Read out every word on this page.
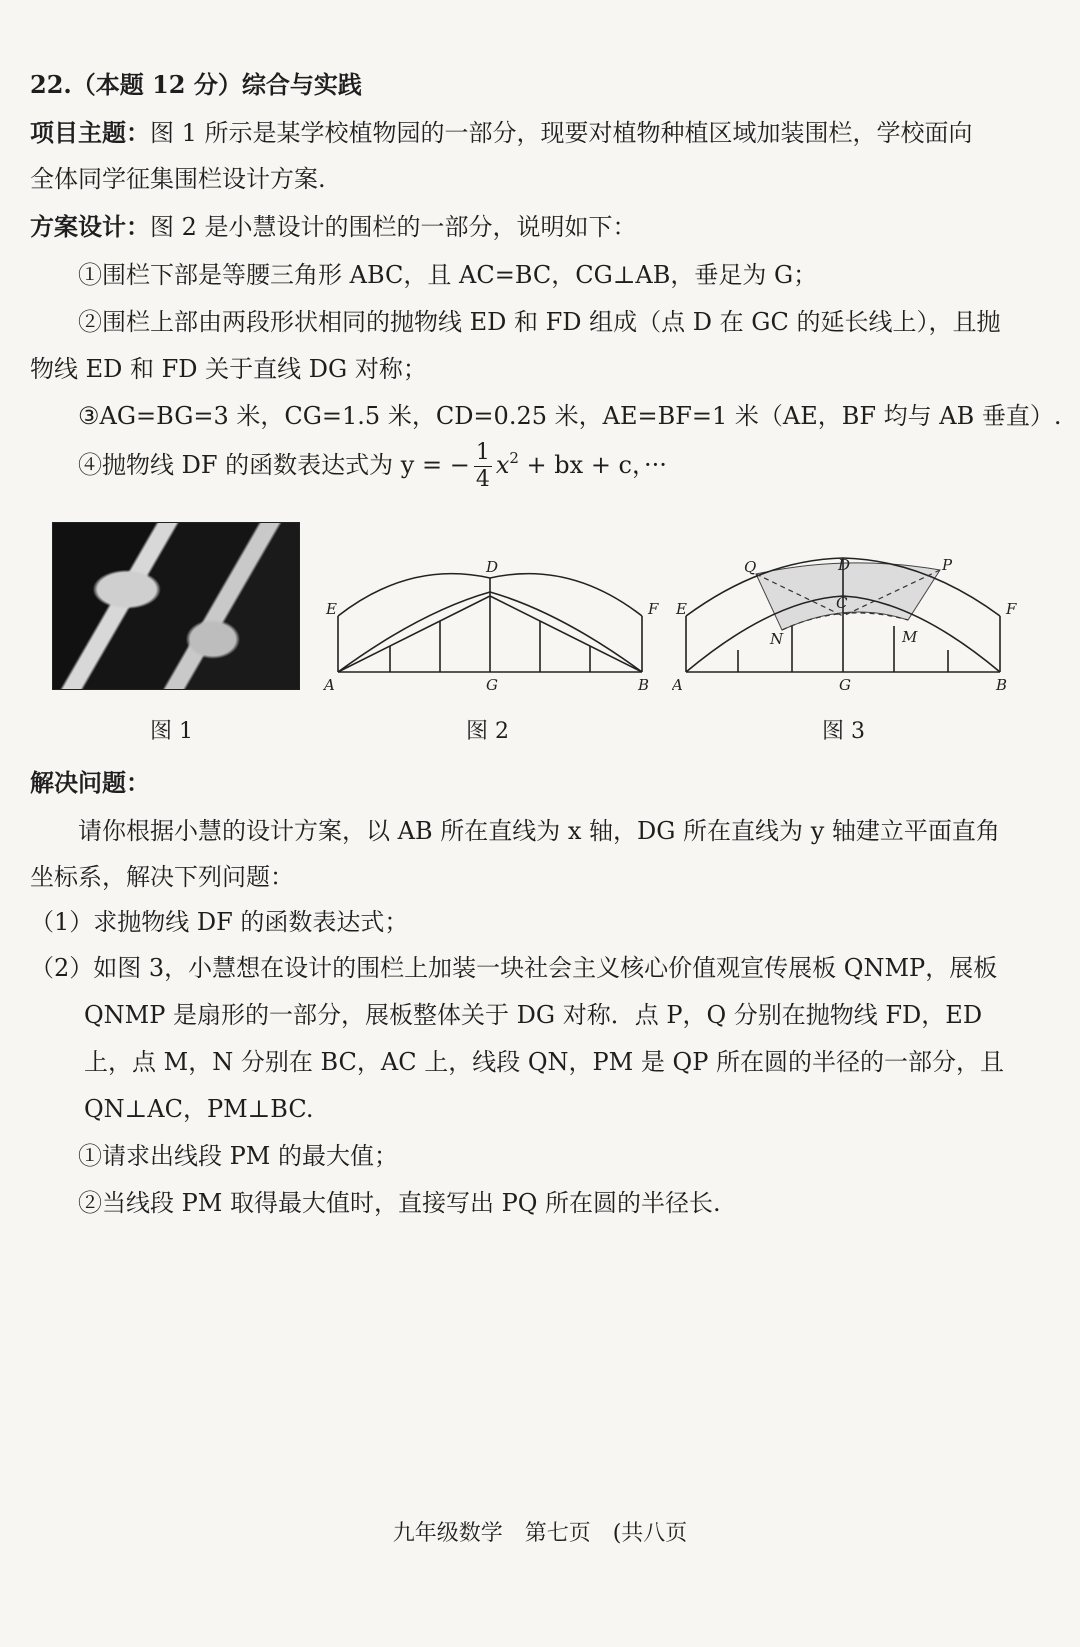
22.（本题 12 分）综合与实践
项目主题：图 1 所示是某学校植物园的一部分，现要对植物种植区域加装围栏，学校面向
全体同学征集围栏设计方案.
方案设计：图 2 是小慧设计的围栏的一部分，说明如下：
①围栏下部是等腰三角形 ABC，且 AC=BC，CG⊥AB，垂足为 G；
②围栏上部由两段形状相同的抛物线 ED 和 FD 组成（点 D 在 GC 的延长线上），且抛
物线 ED 和 FD 关于直线 DG 对称；
③AG=BG=3 米，CG=1.5 米，CD=0.25 米，AE=BF=1 米（AE，BF 均与 AB 垂直）.
④抛物线 DF 的函数表达式为 y = − $\frac{1}{4} x^2$ + bx + c，···
A	G	B
D
E	F
A	G	B
E	F
Q	P
D
C
N	M
图 1	图 2	图 3
解决问题：
请你根据小慧的设计方案，以 AB 所在直线为 x 轴，DG 所在直线为 y 轴建立平面直角
坐标系，解决下列问题：
（1）求抛物线 DF 的函数表达式；
（2）如图 3，小慧想在设计的围栏上加装一块社会主义核心价值观宣传展板 QNMP，展板
QNMP 是扇形的一部分，展板整体关于 DG 对称．点 P，Q 分别在抛物线 FD，ED
上，点 M，N 分别在 BC，AC 上，线段 QN，PM 是 QP 所在圆的半径的一部分，且
QN⊥AC，PM⊥BC.
①请求出线段 PM 的最大值；
②当线段 PM 取得最大值时，直接写出 PQ 所在圆的半径长.
九年级数学　第七页　(共八页
